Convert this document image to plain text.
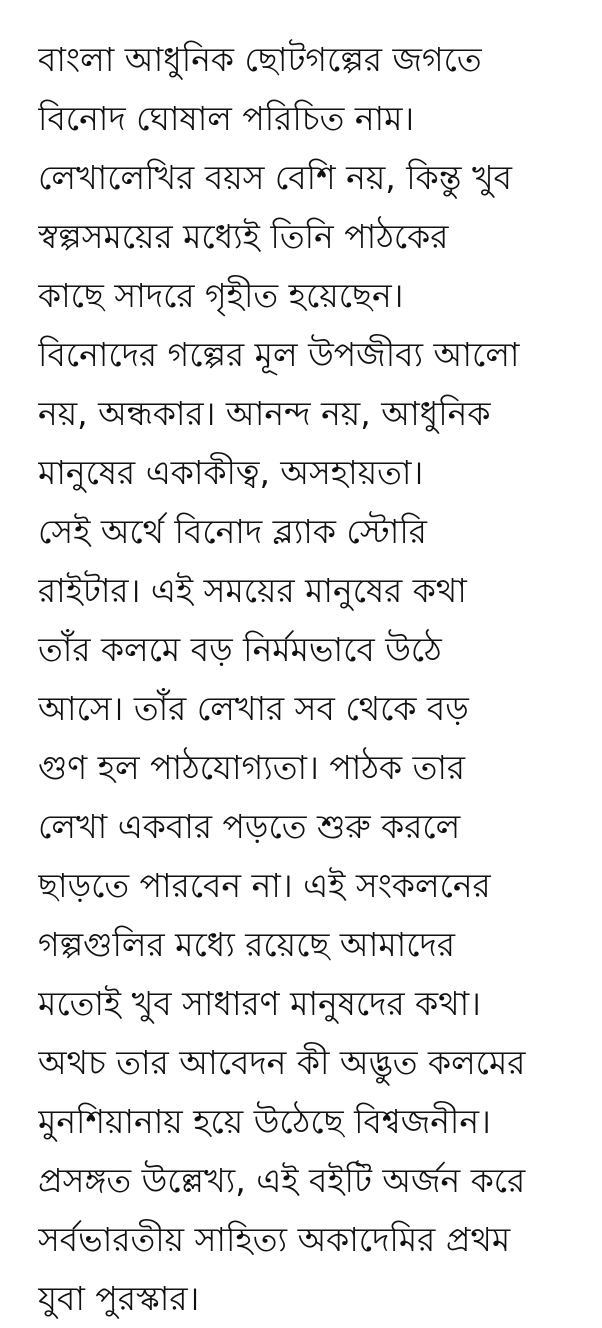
বাংলা আধুনিক ছোটগল্পের জগতে
বিনোদ ঘোষাল পরিচিত নাম।
লেখালেখির বয়স বেশি নয়, কিন্তু খুব
স্বল্পসময়ের মধ্যেই তিনি পাঠকের
কাছে সাদরে গৃহীত হয়েছেন।
বিনোদের গল্পের মূল উপজীব্য আলো
নয়, অন্ধকার। আনন্দ নয়, আধুনিক
মানুষের একাকীত্ব, অসহায়তা।
সেই অর্থে বিনোদ ব্ল্যাক স্টোরি
রাইটার। এই সময়ের মানুষের কথা
তাঁর কলমে বড় নির্মমভাবে উঠে
আসে। তাঁর লেখার সব থেকে বড়
গুণ হল পাঠযোগ্যতা। পাঠক তার
লেখা একবার পড়তে শুরু করলে
ছাড়তে পারবেন না। এই সংকলনের
গল্পগুলির মধ্যে রয়েছে আমাদের
মতোই খুব সাধারণ মানুষদের কথা।
অথচ তার আবেদন কী অদ্ভুত কলমের
মুনশিয়ানায় হয়ে উঠেছে বিশ্বজনীন।
প্রসঙ্গত উল্লেখ্য, এই বইটি অর্জন করে
সর্বভারতীয় সাহিত্য অকাদেমির প্রথম
যুবা পুরস্কার।
